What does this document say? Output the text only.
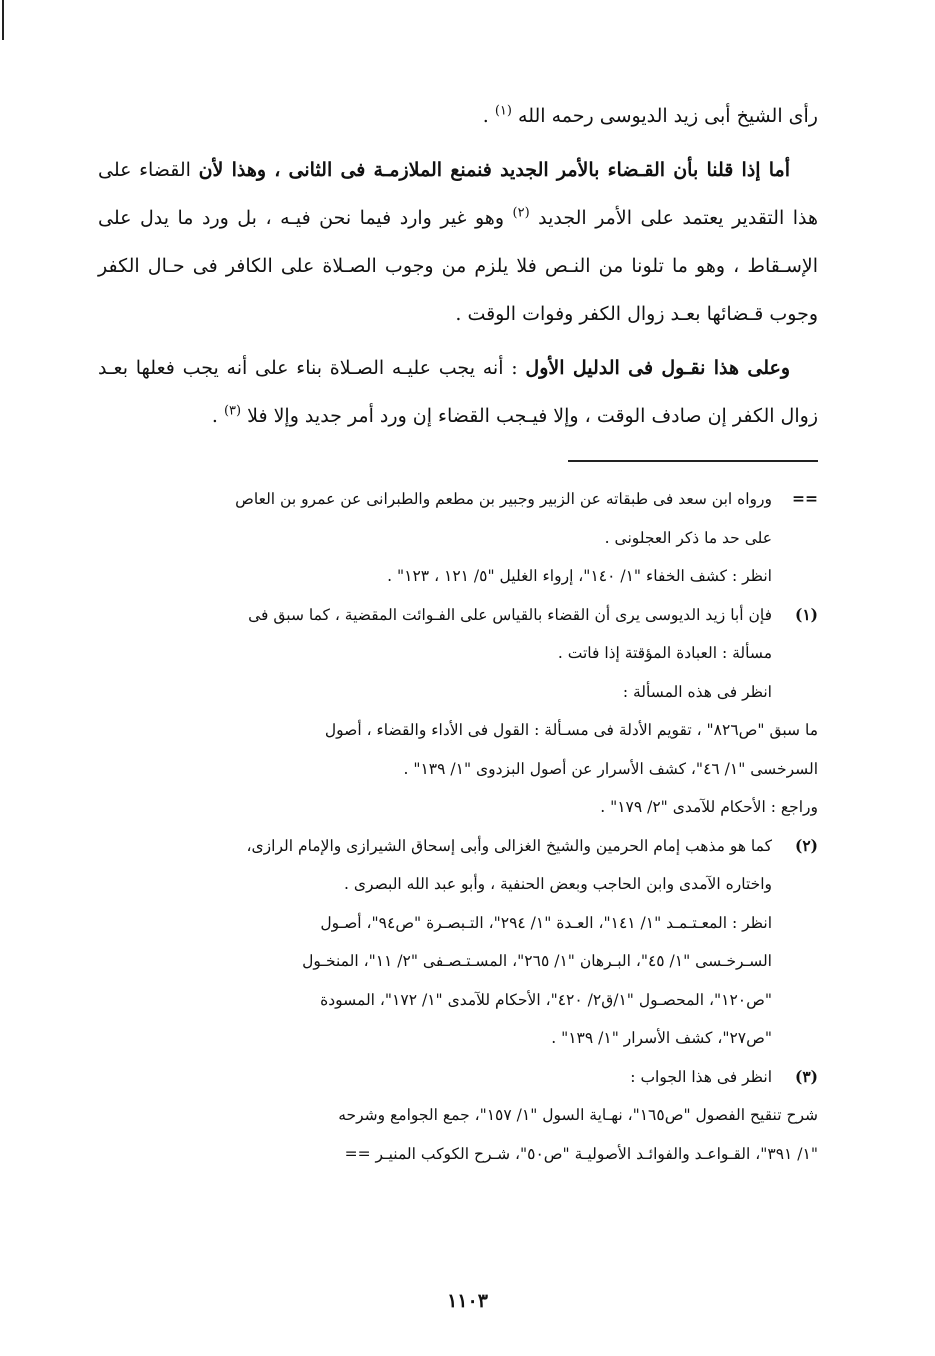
رأى الشيخ أبى زيد الديوسى رحمه الله $^{(١)}$ .

أما إذا قلنا بأن القـضاء بالأمر الجديد فنمنع الملازمـة فى الثانى ، وهذا لأن القضاء على هذا التقدير يعتمد على الأمر الجديد $^{(٢)}$ وهو غير وارد فيما نحن فيـه ، بل ورد ما يدل على الإسـقاط ، وهو ما تلونا من النـص فلا يلزم من وجوب الصـلاة على الكافر فى حـال الكفر وجوب قـضائها بعـد زوال الكفر وفوات الوقت .

وعلى هذا نقـول فى الدليل الأول : أنه يجب عليـه الصـلاة بناء على أنه يجب فعلها بعـد زوال الكفر إن صادف الوقت ، وإلا فيـجب القضاء إن ورد أمر جديد وإلا فلا $^{(٣)}$ .

==
ورواه ابن سعد فى طبقاته عن الزبير وجبير بن مطعم والطبرانى عن عمرو بن العاص
على حد ما ذكر العجلونى .
انظر : كشف الخفاء "١/ ١٤٠"، إرواء الغليل "٥/ ١٢١ ، ١٢٣" .
(١)
فإن أبا زيد الديوسى يرى أن القضاء بالقياس على الفـوائت المقضية ، كما سبق فى
مسألة : العبادة المؤقتة إذا فاتت .
انظر فى هذه المسألة :
ما سبق "ص٨٢٦" ، تقويم الأدلة فى مسـألة : القول فى الأداء والقضاء ، أصول
السرخسى "١/ ٤٦"، كشف الأسرار عن أصول البزدوى "١/ ١٣٩" .
وراجع : الأحكام للآمدى "٢/ ١٧٩" .
(٢)
كما هو مذهب إمام الحرمين والشيخ الغزالى وأبى إسحاق الشيرازى والإمام الرازى،
واختاره الآمدى وابن الحاجب وبعض الحنفية ، وأبو عبد الله البصرى .
انظر : المعـتـمـد "١/ ١٤١"، العـدة "١/ ٢٩٤"، التـبصـرة "ص٩٤"، أصـول
السـرخـسى "١/ ٤٥"، البـرهان "١/ ٢٦٥"، المسـتـصـفى "٢/ ١١"، المنخـول
"ص١٢٠"، المحصـول "١/ق٢/ ٤٢٠"، الأحكام للآمدى "١/ ١٧٢"، المسودة
"ص٢٧"، كشف الأسرار "١/ ١٣٩" .
(٣)
انظر فى هذا الجواب :
شرح تنقيح الفصول "ص١٦٥"، نهـاية السول "١/ ١٥٧"، جمع الجوامع وشرحه
"١/ ٣٩١"، القـواعـد والفوائـد الأصوليـة "ص٥٠"، شـرح الكوكب المنيـر ==
١١٠٣
